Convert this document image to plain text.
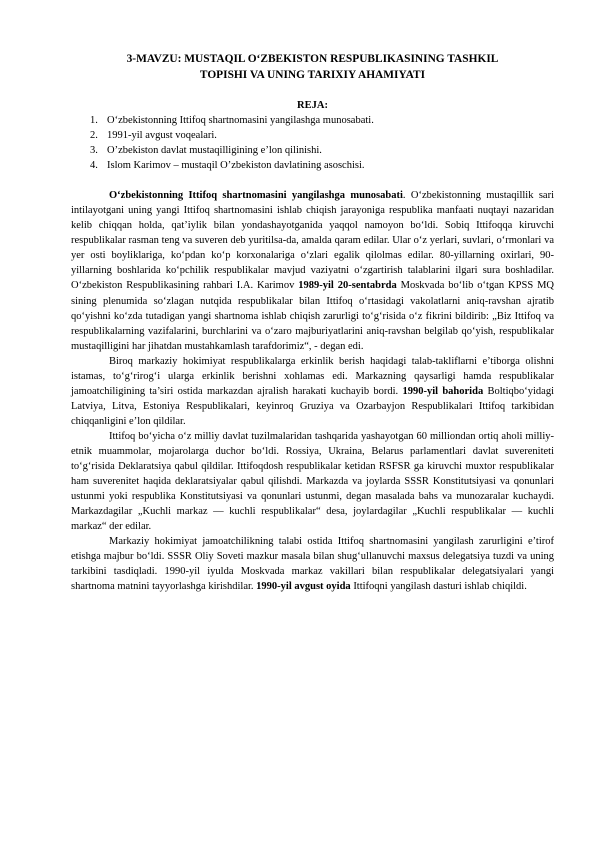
3-MAVZU: MUSTAQIL O‘ZBEKISTON RESPUBLIKASINING TASHKIL
TOPISHI VA UNING TARIXIY AHAMIYATI
REJA:
1. O‘zbekistonning Ittifoq shartnomasini yangilashga munosabati.
2. 1991-yil avgust voqealari.
3. O’zbekiston davlat mustaqilligining e’lon qilinishi.
4. Islom Karimov – mustaqil O’zbekiston davlatining asoschisi.

O‘zbekistonning Ittifoq shartnomasini yangilashga munosabati. O‘zbekistonning mustaqillik sari intilayotgani uning yangi Ittifoq shartnomasini ishlab chiqish jarayoniga respublika manfaati nuqtayi nazaridan kelib chiqqan holda, qat’iylik bilan yondashayotganida yaqqol namoyon bo‘ldi. Sobiq Ittifoqqa kiruvchi respublikalar rasman teng va suveren deb yuritilsa-da, amalda qaram edilar. Ular o‘z yerlari, suvlari, o‘rmonlari va yer osti boyliklariga, ko‘pdan ko‘p korxonalariga o‘zlari egalik qilolmas edilar. 80-yillarning oxirlari, 90- yillarning boshlarida ko‘pchilik respublikalar mavjud vaziyatni o‘zgartirish talablarini ilgari sura boshladilar. O‘zbekiston Respublikasining rahbari I.A. Karimov 1989-yil 20-sentabrda Moskvada bo‘lib o‘tgan KPSS MQ sining plenumida so‘zlagan nutqida respublikalar bilan Ittifoq o‘rtasidagi vakolatlarni aniq-ravshan ajratib qo‘yishni ko‘zda tutadigan yangi shartnoma ishlab chiqish zarurligi to‘g‘risida o‘z fikrini bildirib: „Biz Ittifoq va respublikalarning vazifalarini, burchlarini va o‘zaro majburiyatlarini aniq-ravshan belgilab qo‘yish, respublikalar mustaqilligini har jihatdan mustahkamlash tarafdorimiz“, - degan edi.

Biroq markaziy hokimiyat respublikalarga erkinlik berish haqidagi talab-takliflarni e’tiborga olishni istamas, to‘g‘rirog‘i ularga erkinlik berishni xohlamas edi. Markazning qaysarligi hamda respublikalar jamoatchiligining ta’siri ostida markazdan ajralish harakati kuchayib bordi. 1990-yil bahorida Boltiqbo‘yidagi Latviya, Litva, Estoniya Respublikalari, keyinroq Gruziya va Ozarbayjon Respublikalari Ittifoq tarkibidan chiqqanligini e’lon qildilar.

Ittifoq bo‘yicha o‘z milliy davlat tuzilmalaridan tashqarida yashayotgan 60 milliondan ortiq aholi milliy-etnik muammolar, mojarolarga duchor bo‘ldi. Rossiya, Ukraina, Belarus parlamentlari davlat suvereniteti to‘g‘risida Deklaratsiya qabul qildilar. Ittifoqdosh respublikalar ketidan RSFSR ga kiruvchi muxtor respublikalar ham suverenitet haqida deklaratsiyalar qabul qilishdi. Markazda va joylarda SSSR Konstitutsiyasi va qonunlari ustunmi yoki respublika Konstitutsiyasi va qonunlari ustunmi, degan masalada bahs va munozaralar kuchaydi. Markazdagilar „Kuchli markaz — kuchli respublikalar“ desa, joylardagilar „Kuchli respublikalar — kuchli markaz“ der edilar.

Markaziy hokimiyat jamoatchilikning talabi ostida Ittifoq shartnomasini yangilash zarurligini e’tirof etishga majbur bo‘ldi. SSSR Oliy Soveti mazkur masala bilan shug‘ullanuvchi maxsus delegatsiya tuzdi va uning tarkibini tasdiqladi. 1990-yil iyulda Moskvada markaz vakillari bilan respublikalar delegatsiyalari yangi shartnoma matnini tayyorlashga kirishdilar. 1990-yil avgust oyida Ittifoqni yangilash dasturi ishlab chiqildi.
